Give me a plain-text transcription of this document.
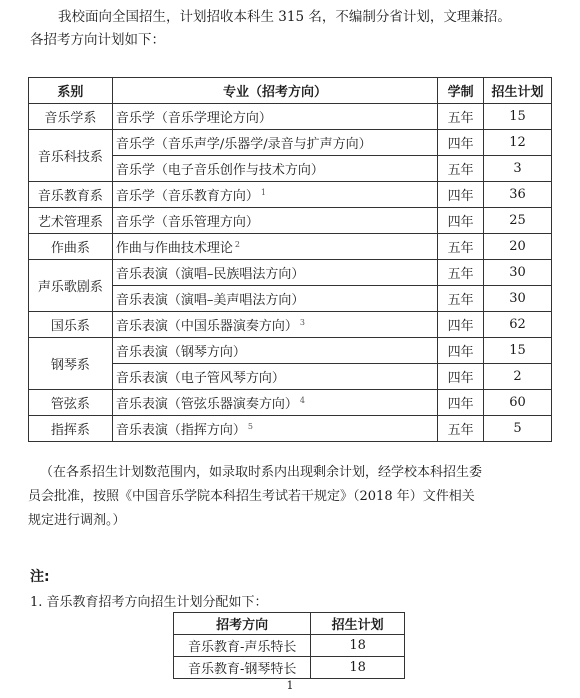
我校面向全国招生，计划招收本科生 315 名，不编制分省计划，文理兼招。
各招考方向计划如下：
系别	专业（招考方向）	学制	招生计划
音乐学系	音乐学（音乐学理论方向）	五年	15
音乐科技系	音乐学（音乐声学/乐器学/录音与扩声方向）	四年	12
	音乐学（电子音乐创作与技术方向）	五年	3
音乐教育系	音乐学（音乐教育方向） $^1$	四年	36
艺术管理系	音乐学（音乐管理方向）	四年	25
作曲系	作曲与作曲技术理论 $^2$	五年	20
声乐歌剧系	音乐表演（演唱–民族唱法方向）	五年	30
	音乐表演（演唱–美声唱法方向）	五年	30
国乐系	音乐表演（中国乐器演奏方向） $^3$	四年	62
钢琴系	音乐表演（钢琴方向）	四年	15
	音乐表演（电子管风琴方向）	四年	2
管弦系	音乐表演（管弦乐器演奏方向） $^4$	四年	60
指挥系	音乐表演（指挥方向） $^5$	五年	5
（在各系招生计划数范围内，如录取时系内出现剩余计划，经学校本科招生委
员会批准，按照《中国音乐学院本科招生考试若干规定》（2018 年）文件相关
规定进行调剂。）
注:
1. 音乐教育招考方向招生计划分配如下：
招考方向	招生计划
音乐教育-声乐特长	18
音乐教育-钢琴特长	18
1
